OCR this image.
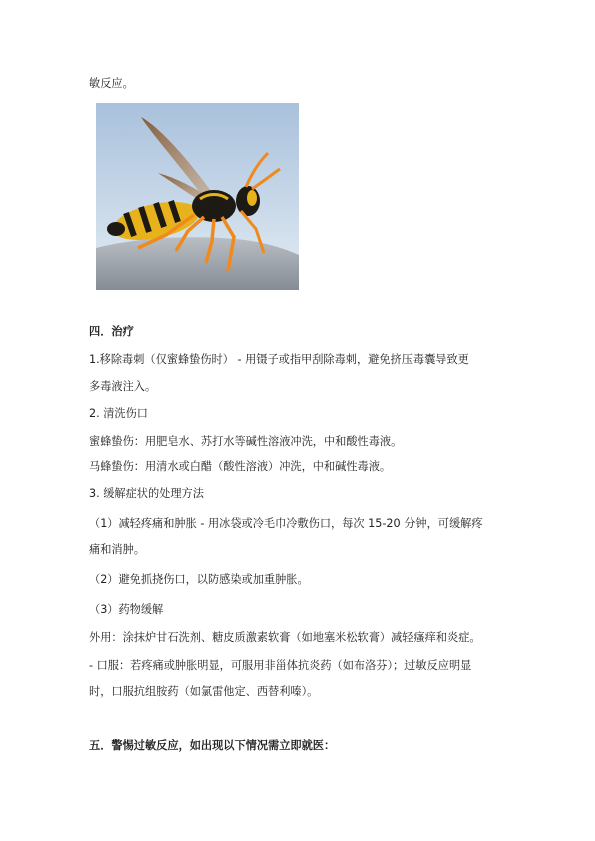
敏反应。
四．治疗
1.移除毒刺（仅蜜蜂蛰伤时） - 用镊子或指甲刮除毒刺，避免挤压毒囊导致更
多毒液注入。
2. 清洗伤口
蜜蜂蛰伤：用肥皂水、苏打水等碱性溶液冲洗，中和酸性毒液。
马蜂蛰伤：用清水或白醋（酸性溶液）冲洗，中和碱性毒液。
3. 缓解症状的处理方法
（1）减轻疼痛和肿胀 - 用冰袋或冷毛巾冷敷伤口，每次 15-20 分钟，可缓解疼
痛和消肿。
（2）避免抓挠伤口，以防感染或加重肿胀。
（3）药物缓解
外用：涂抹炉甘石洗剂、糖皮质激素软膏（如地塞米松软膏）减轻瘙痒和炎症。
- 口服：若疼痛或肿胀明显，可服用非甾体抗炎药（如布洛芬）；过敏反应明显
时，口服抗组胺药（如氯雷他定、西替利嗪）。
五．警惕过敏反应，如出现以下情况需立即就医：
